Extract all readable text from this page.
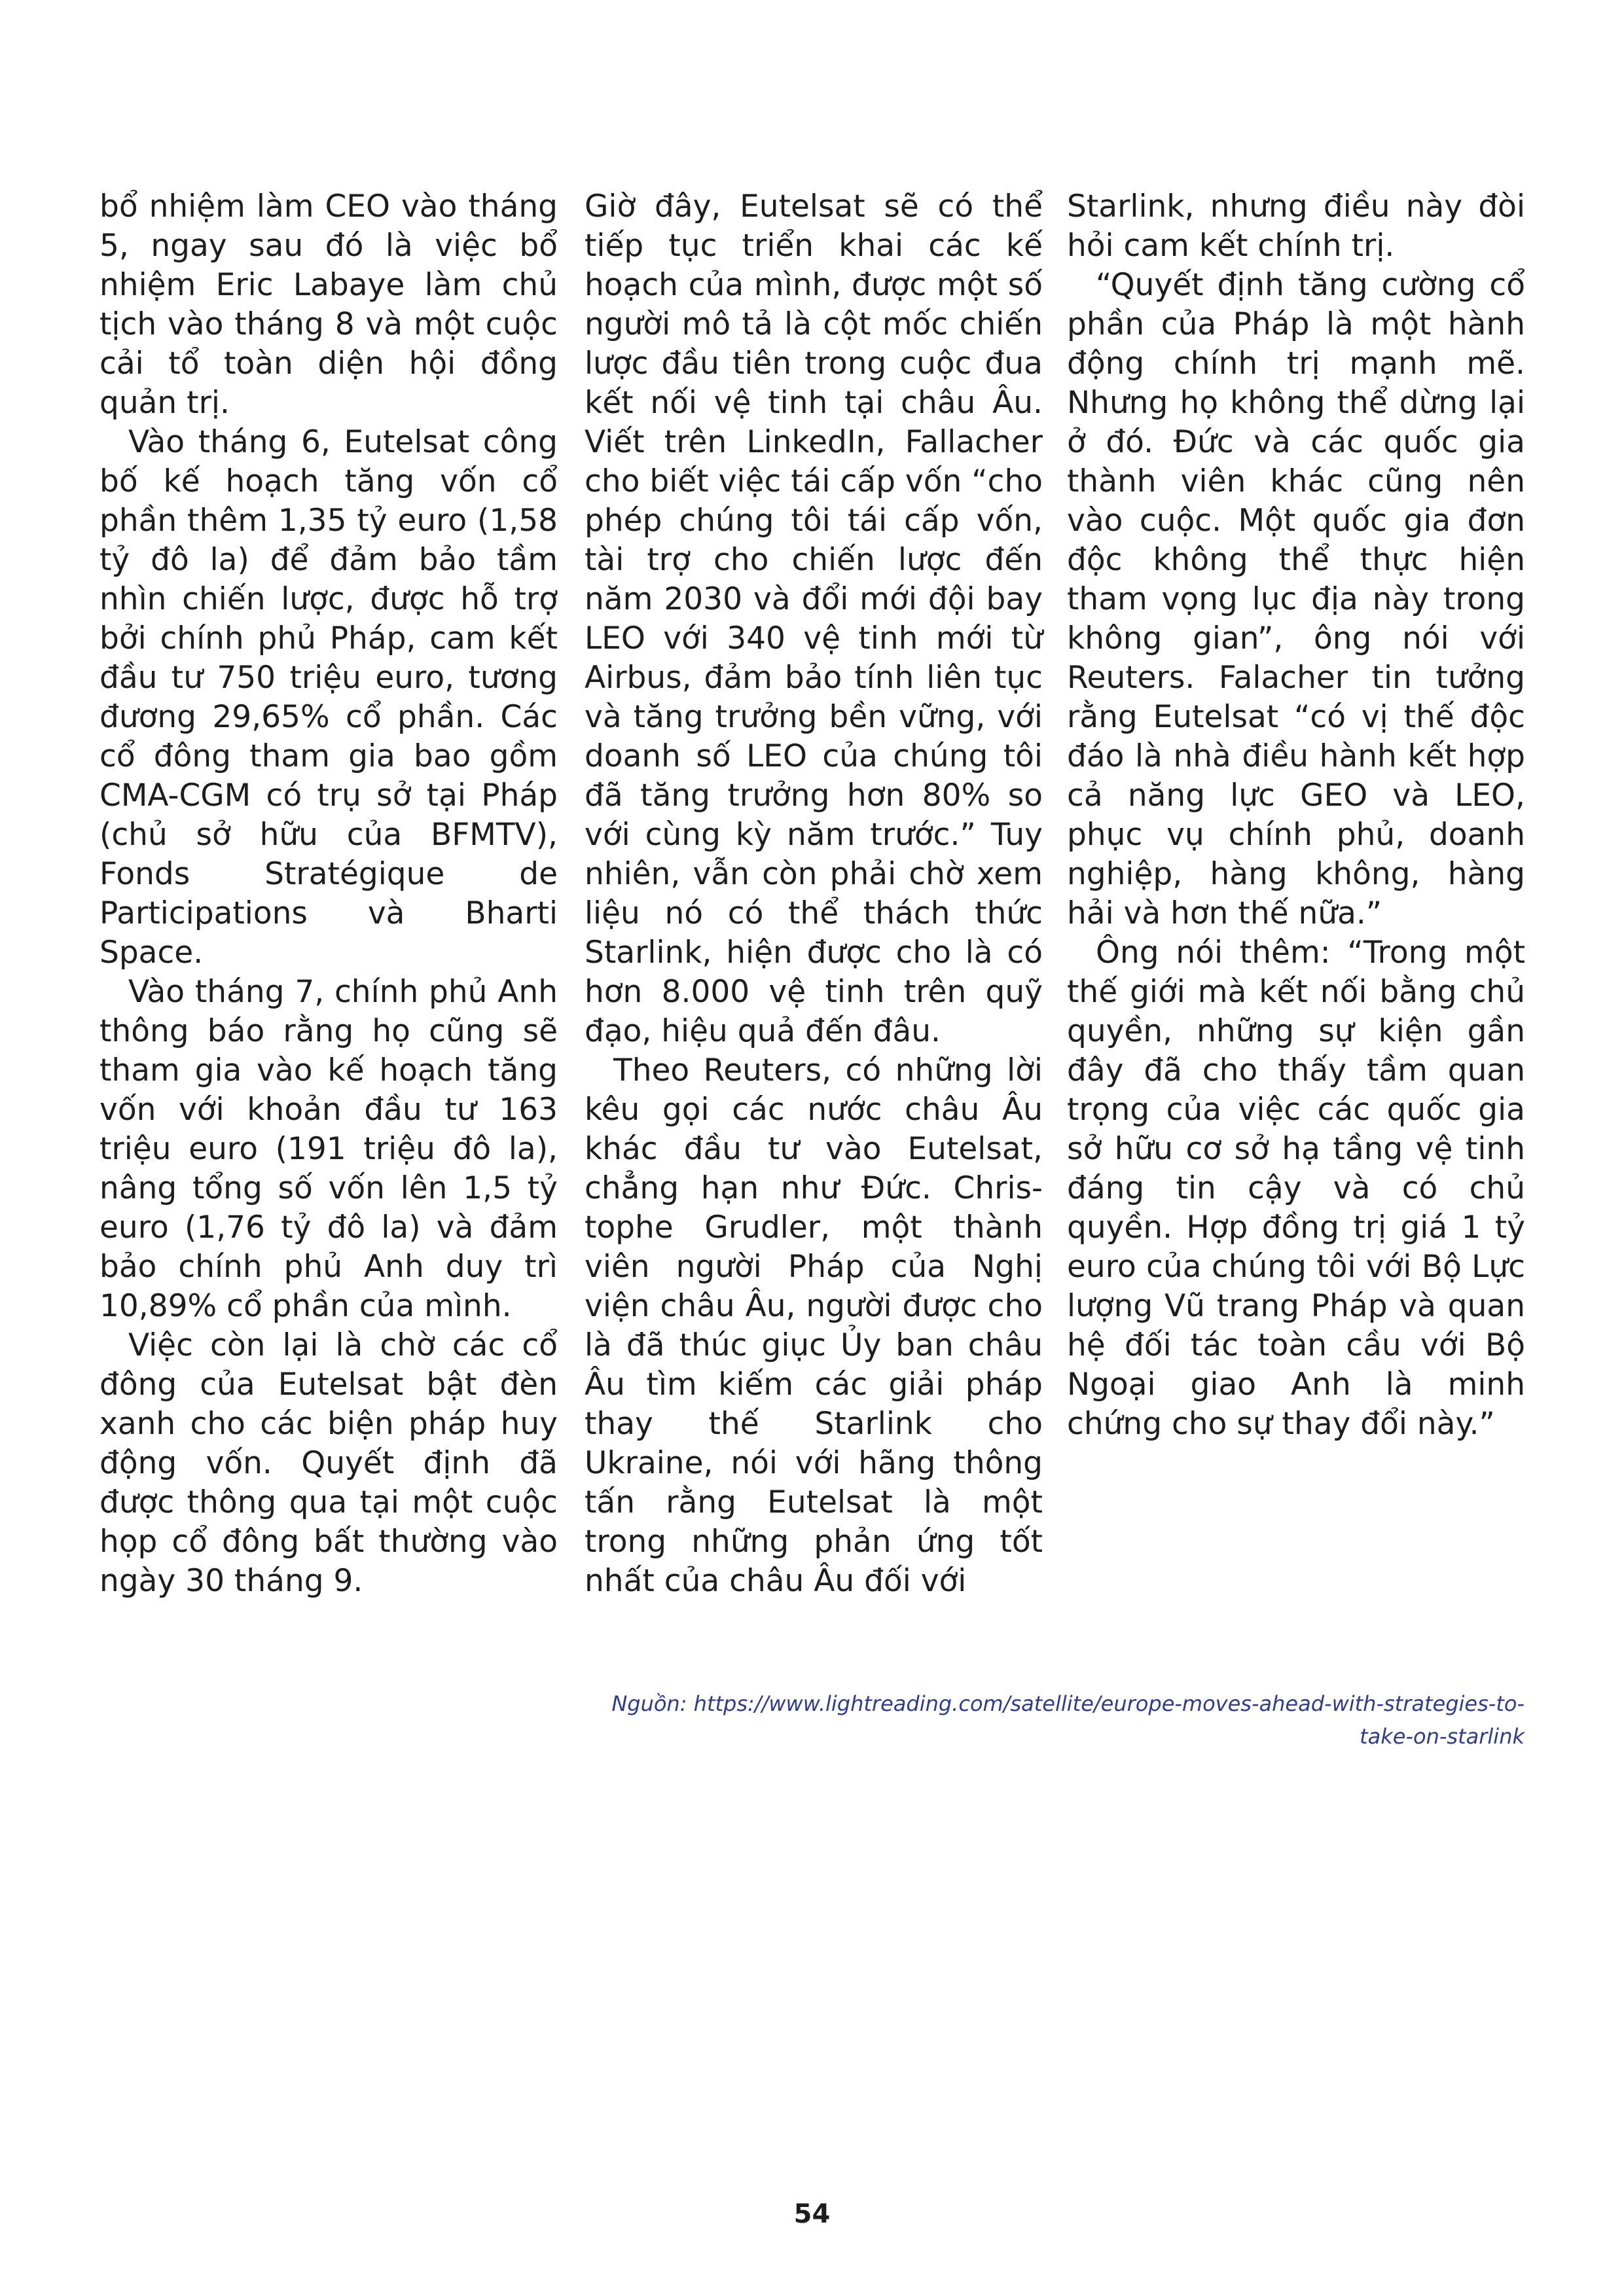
bổ nhiệm làm CEO vào tháng 5, ngay sau đó là việc bổ nhiệm Eric Labaye làm chủ tịch vào tháng 8 và một cuộc cải tổ toàn diện hội đồng quản trị.

Vào tháng 6, Eutelsat công bố kế hoạch tăng vốn cổ phần thêm 1,35 tỷ euro (1,58 tỷ đô la) để đảm bảo tầm nhìn chiến lược, được hỗ trợ bởi chính phủ Pháp, cam kết đầu tư 750 triệu euro, tương đương 29,65% cổ phần. Các cổ đông tham gia bao gồm CMA-CGM có trụ sở tại Pháp (chủ sở hữu của BFMTV), Fonds Stratégique de Participations và Bharti Space.

Vào tháng 7, chính phủ Anh thông báo rằng họ cũng sẽ tham gia vào kế hoạch tăng vốn với khoản đầu tư 163 triệu euro (191 triệu đô la), nâng tổng số vốn lên 1,5 tỷ euro (1,76 tỷ đô la) và đảm bảo chính phủ Anh duy trì 10,89% cổ phần của mình.

Việc còn lại là chờ các cổ đông của Eutelsat bật đèn xanh cho các biện pháp huy động vốn. Quyết định đã được thông qua tại một cuộc họp cổ đông bất thường vào ngày 30 tháng 9.

Giờ đây, Eutelsat sẽ có thể tiếp tục triển khai các kế hoạch của mình, được một số người mô tả là cột mốc chiến lược đầu tiên trong cuộc đua kết nối vệ tinh tại châu Âu. Viết trên LinkedIn, Fallacher cho biết việc tái cấp vốn “cho phép chúng tôi tái cấp vốn, tài trợ cho chiến lược đến năm 2030 và đổi mới đội bay LEO với 340 vệ tinh mới từ Airbus, đảm bảo tính liên tục và tăng trưởng bền vững, với doanh số LEO của chúng tôi đã tăng trưởng hơn 80% so với cùng kỳ năm trước.” Tuy nhiên, vẫn còn phải chờ xem liệu nó có thể thách thức Starlink, hiện được cho là có hơn 8.000 vệ tinh trên quỹ đạo, hiệu quả đến đâu.

Theo Reuters, có những lời kêu gọi các nước châu Âu khác đầu tư vào Eutelsat, chẳng hạn như Đức. Christophe Grudler, một thành viên người Pháp của Nghị viện châu Âu, người được cho là đã thúc giục Ủy ban châu Âu tìm kiếm các giải pháp thay thế Starlink cho Ukraine, nói với hãng thông tấn rằng Eutelsat là một trong những phản ứng tốt nhất của châu Âu đối với

Starlink, nhưng điều này đòi hỏi cam kết chính trị.

“Quyết định tăng cường cổ phần của Pháp là một hành động chính trị mạnh mẽ. Nhưng họ không thể dừng lại ở đó. Đức và các quốc gia thành viên khác cũng nên vào cuộc. Một quốc gia đơn độc không thể thực hiện tham vọng lục địa này trong không gian”, ông nói với Reuters. Falacher tin tưởng rằng Eutelsat “có vị thế độc đáo là nhà điều hành kết hợp cả năng lực GEO và LEO, phục vụ chính phủ, doanh nghiệp, hàng không, hàng hải và hơn thế nữa.”

Ông nói thêm: “Trong một thế giới mà kết nối bằng chủ quyền, những sự kiện gần đây đã cho thấy tầm quan trọng của việc các quốc gia sở hữu cơ sở hạ tầng vệ tinh đáng tin cậy và có chủ quyền. Hợp đồng trị giá 1 tỷ euro của chúng tôi với Bộ Lực lượng Vũ trang Pháp và quan hệ đối tác toàn cầu với Bộ Ngoại giao Anh là minh chứng cho sự thay đổi này.”

Nguồn: https://www.lightreading.com/satellite/europe-moves-ahead-with-strategies-to-take-on-starlink
54
